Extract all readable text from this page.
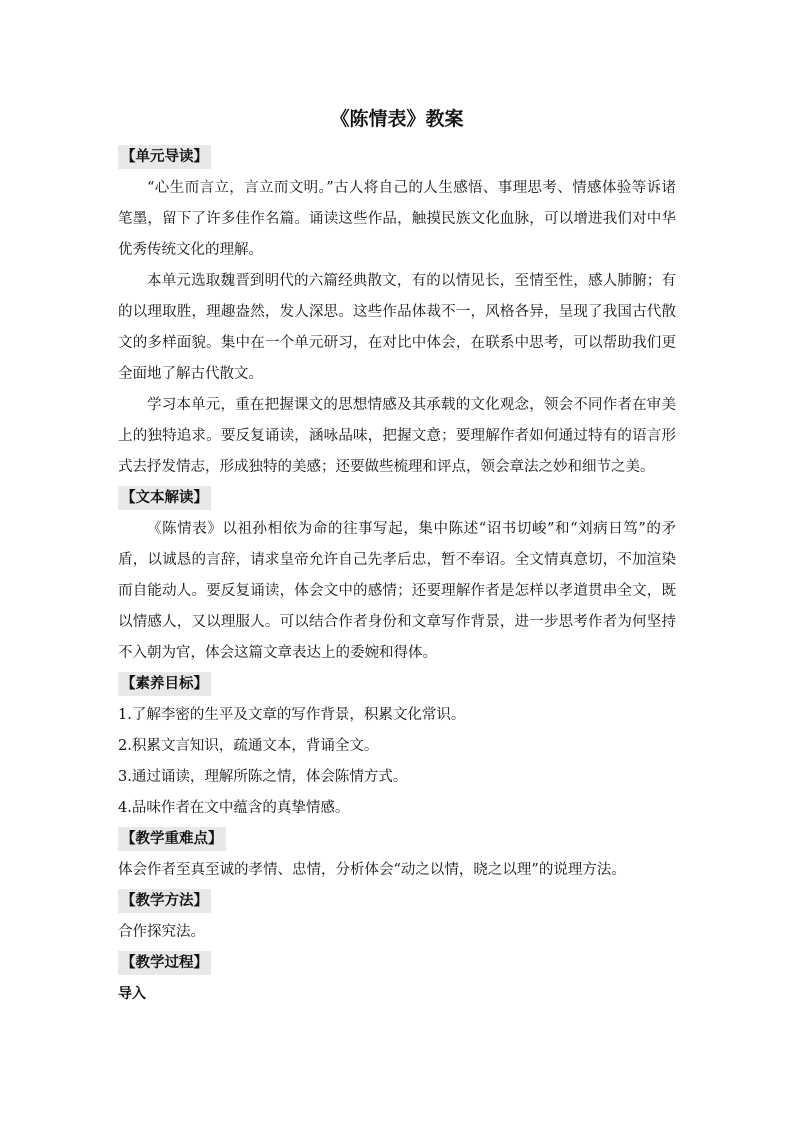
《陈情表》教案
【单元导读】

“心生而言立，言立而文明。”古人将自己的人生感悟、事理思考、情感体验等诉诸笔墨，留下了许多佳作名篇。诵读这些作品，触摸民族文化血脉，可以增进我们对中华优秀传统文化的理解。

本单元选取魏晋到明代的六篇经典散文，有的以情见长，至情至性，感人肺腑；有的以理取胜，理趣盎然，发人深思。这些作品体裁不一，风格各异，呈现了我国古代散文的多样面貌。集中在一个单元研习，在对比中体会，在联系中思考，可以帮助我们更全面地了解古代散文。

学习本单元，重在把握课文的思想情感及其承载的文化观念，领会不同作者在审美上的独特追求。要反复诵读，涵咏品味，把握文意；要理解作者如何通过特有的语言形式去抒发情志，形成独特的美感；还要做些梳理和评点，领会章法之妙和细节之美。

【文本解读】

《陈情表》以祖孙相依为命的往事写起，集中陈述“诏书切峻”和“刘病日笃”的矛盾，以诚恳的言辞，请求皇帝允许自己先孝后忠，暂不奉诏。全文情真意切，不加渲染而自能动人。要反复诵读，体会文中的感情；还要理解作者是怎样以孝道贯串全文，既以情感人，又以理服人。可以结合作者身份和文章写作背景，进一步思考作者为何坚持不入朝为官，体会这篇文章表达上的委婉和得体。

【素养目标】

1.了解李密的生平及文章的写作背景，积累文化常识。

2.积累文言知识，疏通文本，背诵全文。

3.通过诵读，理解所陈之情，体会陈情方式。

4.品味作者在文中蕴含的真挚情感。

【教学重难点】

体会作者至真至诚的孝情、忠情，分析体会“动之以情，晓之以理”的说理方法。

【教学方法】

合作探究法。

【教学过程】

导入
